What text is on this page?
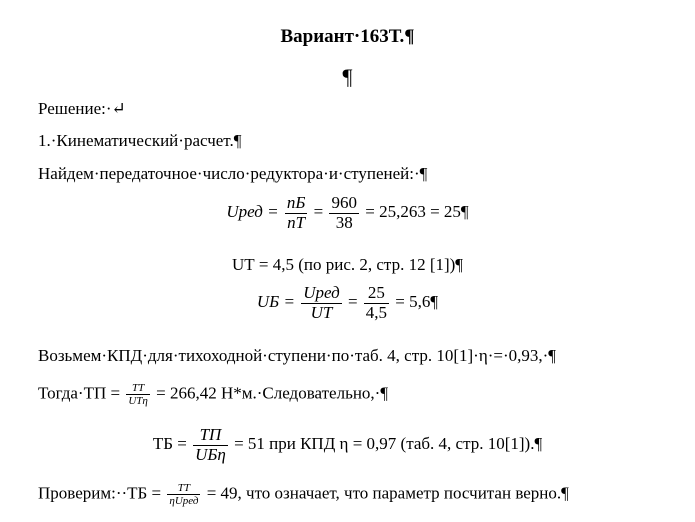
Вариант·163Т.¶
¶
Решение:·↵
1.·Кинематический·расчет.¶
Найдем·передаточное·число·редуктора·и·ступеней:·¶
Uред = $\frac{nБ}{nТ} = \frac{960}{38} = 25,263$ = 25¶
UТ = 4,5 (по рис. 2, стр. 12 [1])¶
UБ = $\frac{\text{Uред}}{UТ} = \frac{25}{4,5}$ = 5,6¶
Возьмем·КПД·для·тихоходной·ступени·по·таб. 4, стр. 10[1]·η·=·0,93,·¶
Тогда·TП = $\frac{TТ}{\text{UТη}} = 266,42$ Н*м.·Следовательно,·¶
TБ = $\frac{TП}{\text{UБη}} = 51$ при КПД η = 0,97 (таб. 4, стр. 10[1]).¶
Проверим:··TБ = $\frac{TТ}{\text{ηUред}} = 49$, что означает, что параметр посчитан верно.¶
